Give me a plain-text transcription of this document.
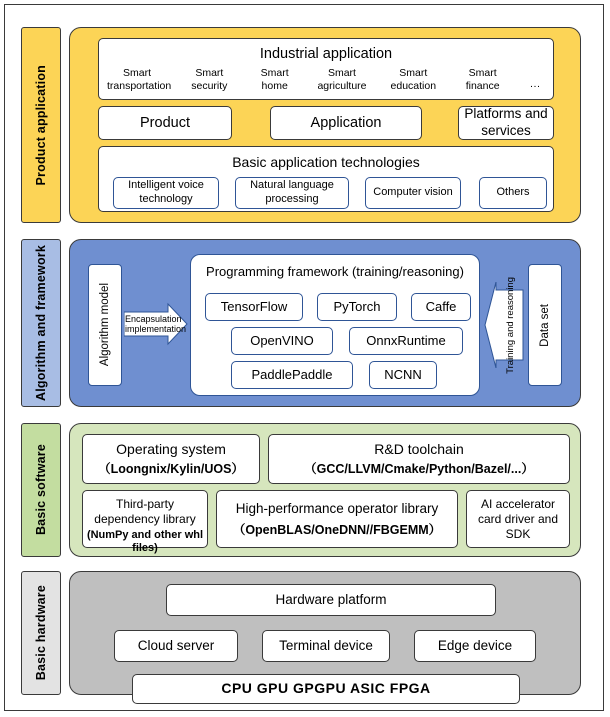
Product application
Industrial application
Smart transportation
Smart security
Smart home
Smart agriculture
Smart education
Smart finance	···
Product	Application
Platforms and services
Basic application technologies
Intelligent voice technology
Natural language processing
Computer vision	Others
Algorithm and framework	Algorithm model Encapsulation implementation
Programming framework (training/reasoning)
TensorFlow	PyTorch	Caffe
OpenVINO	OnnxRuntime
PaddlePaddle	NCNN
Training and reasoning Data set
Basic software	Operating system
（Loongnix/Kylin/UOS）
R&D toolchain
（GCC/LLVM/Cmake/Python/Bazel/...）
Third-party dependency library
(NumPy and other whl files)
High-performance operator library
（OpenBLAS/OneDNN//FBGEMM）
AI accelerator card driver and SDK
Basic hardware	Hardware platform
Cloud server	Terminal device	Edge device
CPU GPU GPGPU ASIC FPGA
